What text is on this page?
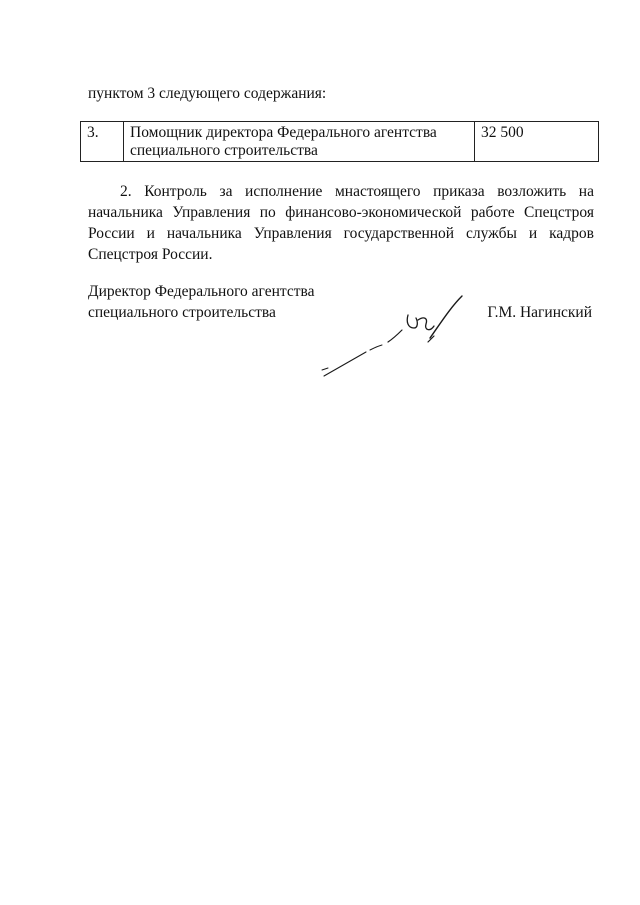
пунктом 3 следующего содержания:
3.	Помощник директора Федерального агентства
специального строительства	32 500
2. Контроль за исполнение мнастоящего приказа возложить на начальника Управления по финансово-экономической работе Спецстроя России и начальника Управления государственной службы и кадров Спецстроя России.
Директор Федерального агентства
специального строительства	Г.М. Нагинский
